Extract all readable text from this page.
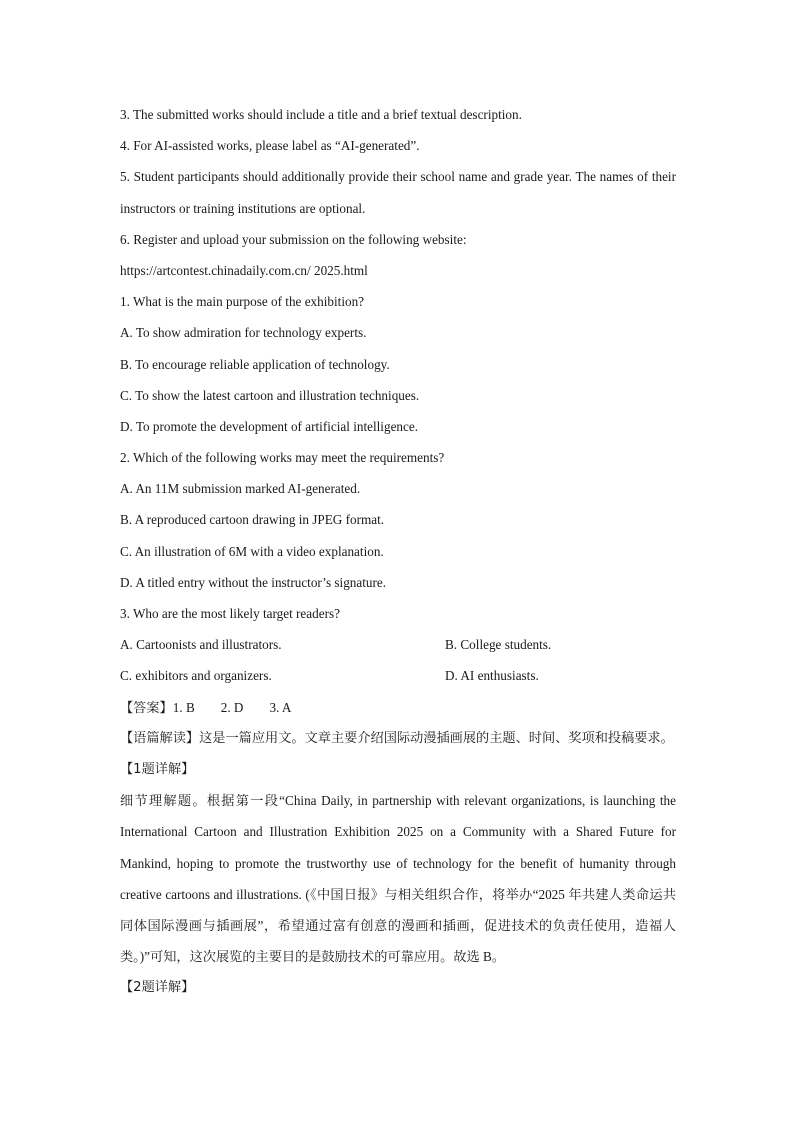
3. The submitted works should include a title and a brief textual description.

4. For AI-assisted works, please label as “AI-generated”.

5. Student participants should additionally provide their school name and grade year. The names of their instructors or training institutions are optional.

6. Register and upload your submission on the following website:

https://artcontest.chinadaily.com.cn/ 2025.html

1. What is the main purpose of the exhibition?

A. To show admiration for technology experts.

B. To encourage reliable application of technology.

C. To show the latest cartoon and illustration techniques.

D. To promote the development of artificial intelligence.

2. Which of the following works may meet the requirements?

A. An 11M submission marked AI-generated.

B. A reproduced cartoon drawing in JPEG format.

C. An illustration of 6M with a video explanation.

D. A titled entry without the instructor’s signature.

3. Who are the most likely target readers?

A. Cartoonists and illustrators.	B. College students.
C. exhibitors and organizers.	D. AI enthusiasts.

【答案】1. B 2. D 3. A

【语篇解读】这是一篇应用文。文章主要介绍国际动漫插画展的主题、时间、奖项和投稿要求。

【1题详解】

细节理解题。根据第一段“China Daily, in partnership with relevant organizations, is launching the International Cartoon and Illustration Exhibition 2025 on a Community with a Shared Future for Mankind, hoping to promote the trustworthy use of technology for the benefit of humanity through creative cartoons and illustrations. (《中国日报》与相关组织合作，将举办“2025 年共建人类命运共同体国际漫画与插画展”，希望通过富有创意的漫画和插画，促进技术的负责任使用，造福人类。)”可知，这次展览的主要目的是鼓励技术的可靠应用。故选 B。

【2题详解】
